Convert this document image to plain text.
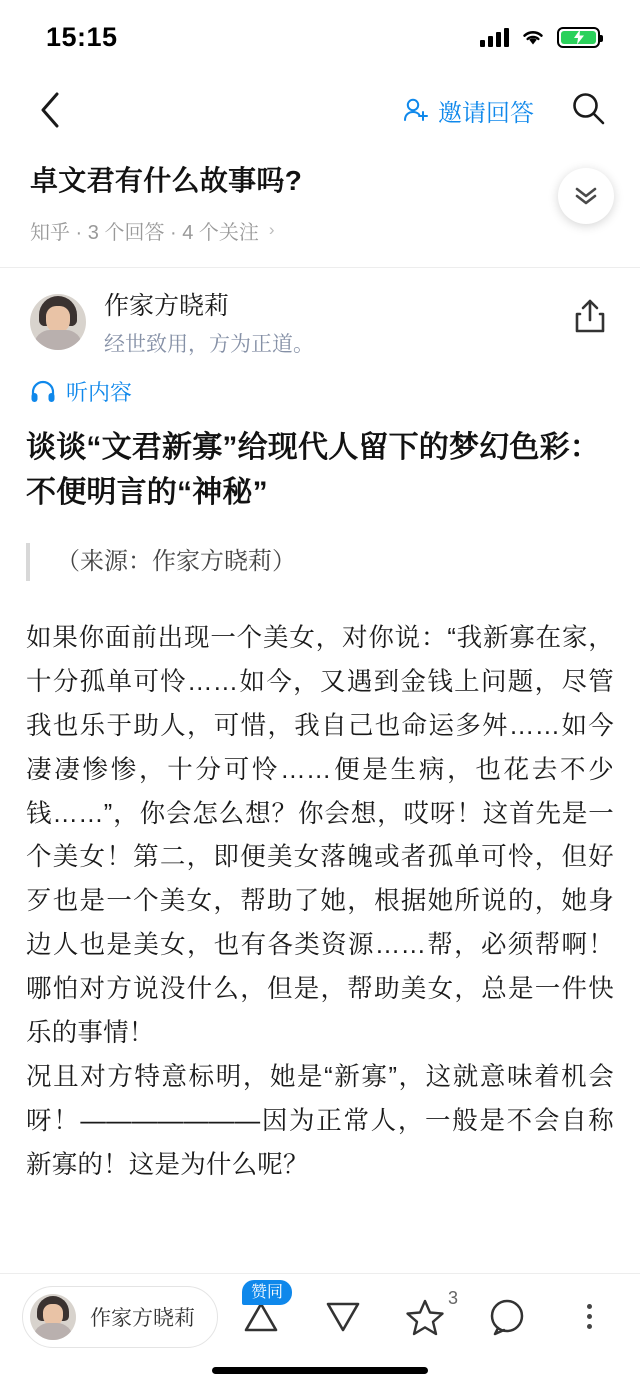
15:15
邀请回答
卓文君有什么故事吗?
知乎 · 3 个回答 · 4 个关注 ›
作家方晓莉
经世致用，方为正道。
听内容
谈谈“文君新寡”给现代人留下的梦幻色彩：不便明言的“神秘”
（来源：作家方晓莉）

如果你面前出现一个美女，对你说：“我新寡在家，十分孤单可怜……如今，又遇到金钱上问题，尽管我也乐于助人，可惜，我自己也命运多舛……如今凄凄惨惨，十分可怜……便是生病，也花去不少钱……”，你会怎么想？你会想，哎呀！这首先是一个美女！第二，即便美女落魄或者孤单可怜，但好歹也是一个美女，帮助了她，根据她所说的，她身边人也是美女，也有各类资源……帮，必须帮啊！哪怕对方说没什么，但是，帮助美女，总是一件快乐的事情！

况且对方特意标明，她是“新寡”，这就意味着机会呀！———————因为正常人，一般是不会自称新寡的！这是为什么呢？

作家方晓莉
赞同	3
